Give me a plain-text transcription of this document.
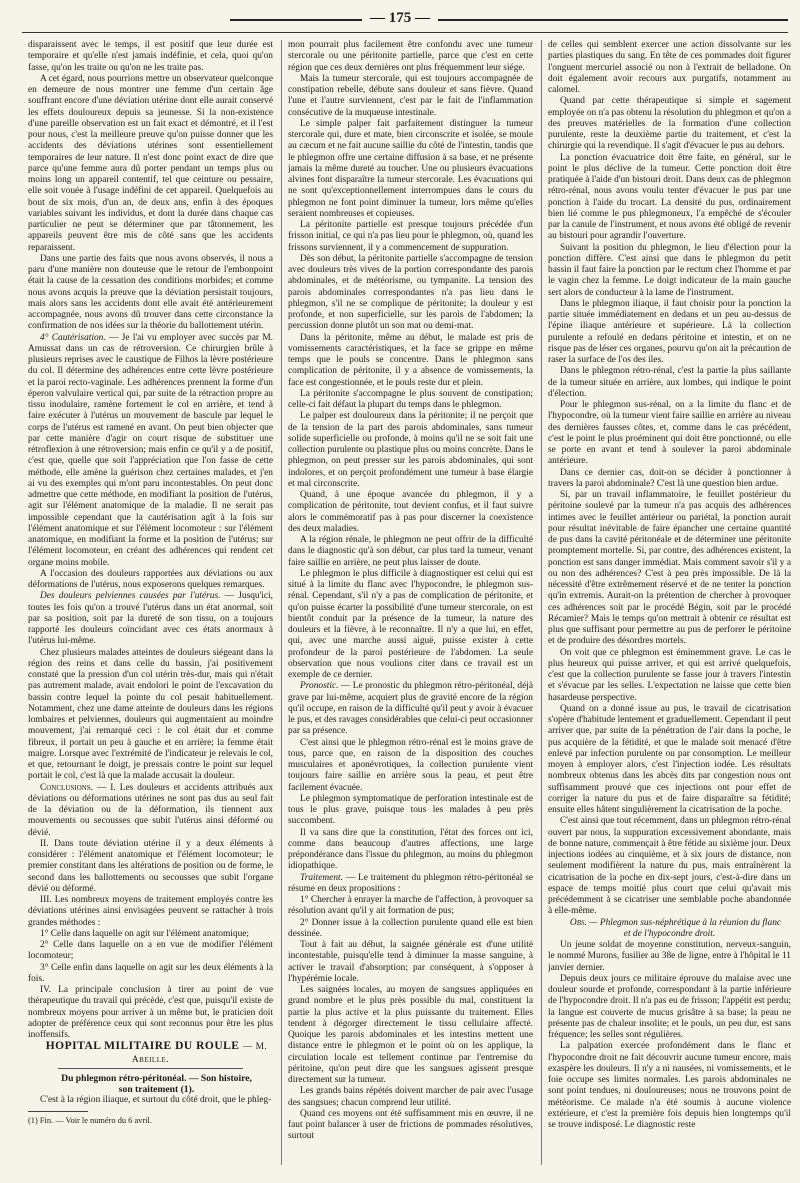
— 175 —

disparaissent avec le temps, il est positif que leur durée est temporaire et qu'elle n'est jamais indéfinie, et cela, quoi qu'on fasse, qu'on les traite ou qu'on ne les traite pas.

A cet égard, nous pourrions mettre un observateur quelconque en demeure de nous montrer une femme d'un certain âge souffrant encore d'une déviation utérine dont elle aurait conservé les effets douloureux depuis sa jeunesse. Si la non-existence d'une pareille observation est un fait exact et démontré, et il l'est pour nous, c'est la meilleure preuve qu'on puisse donner que les accidents des déviations utérines sont essentiellement temporaires de leur nature. Il n'est donc point exact de dire que parce qu'une femme aura dû porter pendant un temps plus ou moins long un appareil contentif, tel que ceinture ou pessaire, elle soit vouée à l'usage indéfini de cet appareil. Quelquefois au bout de six mois, d'un an, de deux ans, enfin à des époques variables suivant les individus, et dont la durée dans chaque cas particulier ne peut se déterminer que par tâtonnement, les appareils peuvent être mis de côté sans que les accidents reparaissent.

Dans une partie des faits que nous avons observés, il nous a paru d'une manière non douteuse que le retour de l'embonpoint était la cause de la cessation des conditions morbides; et comme nous avons acquis la preuve que la déviation persistait toujours, mais alors sans les accidents dont elle avait été antérieurement accompagnée, nous avons dû trouver dans cette circonstance la confirmation de nos idées sur la théorie du ballottement utérin.

4° Cautérisation. — Je l'ai vu employer avec succès par M. Amussat dans un cas de rétroversion. Ce chirurgien brûle à plusieurs reprises avec le caustique de Filhos la lèvre postérieure du col. Il détermine des adhérences entre cette lèvre postérieure et la paroi recto-vaginale. Les adhérences prennent la forme d'un éperon valvulaire vertical qui, par suite de la rétraction propre au tissu inodulaire, ramène fortement le col en arrière, et tend à faire exécuter à l'utérus un mouvement de bascule par lequel le corps de l'utérus est ramené en avant. On peut bien objecter que par cette manière d'agir on court risque de substituer une rétroflexion à une rétroversion; mais enfin ce qu'il y a de positif, c'est que, quelle que soit l'appréciation que l'on fasse de cette méthode, elle amène la guérison chez certaines malades, et j'en ai vu des exemples qui m'ont paru incontestables. On peut donc admettre que cette méthode, en modifiant la position de l'utérus, agit sur l'élément anatomique de la maladie. Il ne serait pas impossible cependant que la cautérisation agît à la fois sur l'élément anatomique et sur l'élément locomoteur : sur l'élément anatomique, en modifiant la forme et la position de l'utérus; sur l'élément locomoteur, en créant des adhérences qui rendent cet organe moins mobile.

A l'occasion des douleurs rapportées aux déviations ou aux déformations de l'utérus, nous exposerons quelques remarques.

Des douleurs pelviennes causées par l'utérus. — Jusqu'ici, toutes les fois qu'on a trouvé l'utérus dans un état anormal, soit par sa position, soit par la dureté de son tissu, on a toujours rapporté les douleurs coïncidant avec ces états anormaux à l'utérus lui-même.

Chez plusieurs malades atteintes de douleurs siégeant dans la région des reins et dans celle du bassin, j'ai positivement constaté que la pression d'un col utérin très-dur, mais qui n'était pas autrement malade, avait endolori le point de l'excavation du bassin contre lequel la pointe du col pesait habituellement. Notamment, chez une dame atteinte de douleurs dans les régions lombaires et pelviennes, douleurs qui augmentaient au moindre mouvement, j'ai remarqué ceci : le col était dur et comme fibreux, il portait un peu à gauche et en arrière; la femme était maigre. Lorsque avec l'extrémité de l'indicateur je relevais le col, et que, retournant le doigt, je pressais contre le point sur lequel portait le col, c'est là que la malade accusait la douleur.

Conclusions. — I. Les douleurs et accidents attribués aux déviations ou déformations utérines ne sont pas dus au seul fait de la déviation ou de la déformation, ils tiennent aux mouvements ou secousses que subit l'utérus ainsi déformé ou dévié.

II. Dans toute déviation utérine il y a deux éléments à considérer : l'élément anatomique et l'élément locomoteur; le premier constitant dans les altérations de position ou de forme, le second dans les ballottements ou secousses que subit l'organe dévié ou déformé.

III. Les nombreux moyens de traitement employés contre les déviations utérines ainsi envisagées peuvent se rattacher à trois grandes méthodes :

1° Celle dans laquelle on agit sur l'élément anatomique;

2° Celle dans laquelle on a en vue de modifier l'élément locomoteur;

3° Celle enfin dans laquelle on agit sur les deux éléments à la fois.

IV. La principale conclusion à tirer au point de vue thérapeutique du travail qui précède, c'est que, puisqu'il existe de nombreux moyens pour arriver à un même but, le praticien doit adopter de préférence ceux qui sont reconnus pour être les plus inoffensifs.

HOPITAL MILITAIRE DU ROULE — M. Abeille.

Du phlegmon rétro-péritonéal. — Son histoire,

son traitement (1).

C'est à la région iliaque, et surtout du côté droit, que le phleg-

(1) Fin. — Voir le numéro du 6 avril.

mon pourrait plus facilement être confondu avec une tumeur stercorale ou une péritonite partielle, parce que c'est en cette région que ces deux dernières ont plus fréquemment leur siége.

Mais la tumeur stercorale, qui est toujours accompagnée de constipation rebelle, débute sans douleur et sans fièvre. Quand l'une et l'autre surviennent, c'est par le fait de l'inflammation consécutive de la muqueuse intestinale.

Le simple palper fait parfaitement distinguer la tumeur stercorale qui, dure et mate, bien circonscrite et isolée, se moule au cæcum et ne fait aucune saillie du côté de l'intestin, tandis que le phlegmon offre une certaine diffusion à sa base, et ne présente jamais la même dureté au toucher. Une ou plusieurs évacuations alvines font disparaître la tumeur stercorale. Les évacuations qui ne sont qu'exceptionnellement interrompues dans le cours du phlegmon ne font point diminuer la tumeur, lors même qu'elles seraient nombreuses et copieuses.

La péritonite partielle est presque toujours précédée d'un frisson initial, ce qui n'a pas lieu pour le phlegmon, où, quand les frissons surviennent, il y a commencement de suppuration.

Dès son début, la péritonite partielle s'accompagne de tension avec douleurs très vives de la portion correspondante des parois abdominales, et de météorisme, ou tympanite. La tension des parois abdominales correspondantes n'a pas lieu dans le phlegmon, s'il ne se complique de péritonite; la douleur y est profonde, et non superficielle, sur les parois de l'abdomen; la percussion donne plutôt un son mat ou demi-mat.

Dans la péritonite, même au début, le malade est pris de vomissements caractéristiques, et la face se grippe en même temps que le pouls se concentre. Dans le phlegmon sans complication de péritonite, il y a absence de vomissements, la face est congestionnée, et le pouls reste dur et plein.

La péritonite s'accompagne le plus souvent de constipation; celle-ci fait défaut la plupart du temps dans le phlegmon.

Le palper est douloureux dans la péritonite; il ne perçoit que de la tension de la part des parois abdominales, sans tumeur solide superficielle ou profonde, à moins qu'il ne se soit fait une collection purulente ou plastique plus ou moins concrète. Dans le phlegmon, on peut presser sur les parois abdominales, qui sont indolores, et on perçoit profondément une tumeur à base élargie et mal circonscrite.

Quand, à une époque avancée du phlegmon, il y a complication de péritonite, tout devient confus, et il faut suivre alors le commémoratif pas à pas pour discerner la coexistence des deux maladies.

A la région rénale, le phlegmon ne peut offrir de la difficulté dans le diagnostic qu'à son début, car plus tard la tumeur, venant faire saillie en arrière, ne peut plus laisser de doute.

Le phlegmon le plus difficile à diagnostiquer est celui qui est situé à la limite du flanc avec l'hypocondre, le phlegmon sus-rénal. Cependant, s'il n'y a pas de complication de péritonite, et qu'on puisse écarter la possibilité d'une tumeur stercorale, on est bientôt conduit par la présence de la tumeur, la nature des douleurs et la fièvre, à le reconnaître. Il n'y a que lui, en effet, qui, avec une marche aussi aiguë, puisse exister à cette profondeur de la paroi postérieure de l'abdomen. La seule observation que nous voulions citer dans ce travail est un exemple de ce dernier.

Pronostic. — Le pronostic du phlegmon rétro-péritonéal, déjà grave par lui-même, acquiert plus de gravité encore de la région qu'il occupe, en raison de la difficulté qu'il peut y avoir à évacuer le pus, et des ravages considérables que celui-ci peut occasionner par sa présence.

C'est ainsi que le phlegmon rétro-rénal est le moins grave de tous, parce que, en raison de la disposition des couches musculaires et aponévrotiques, la collection purulente vient toujours faire saillie en arrière sous la peau, et peut être facilement évacuée.

Le phlegmon symptomatique de perforation intestinale est de tous le plus grave, puisque tous les malades à peu près succombent.

Il va sans dire que la constitution, l'état des forces ont ici, comme dans beaucoup d'autres affections, une large prépondérance dans l'issue du phlegmon, au moins du phlegmon idiopathique.

Traitement. — Le traitement du phlegmon rétro-péritonéal se résume en deux propositions :

1° Chercher à enrayer la marche de l'affection, à provoquer sa résolution avant qu'il y ait formation de pus;

2° Donner issue à la collection purulente quand elle est bien dessinée.

Tout à fait au début, la saignée générale est d'une utilité incontestable, puisqu'elle tend à diminuer la masse sanguine, à activer le travail d'absorption; par conséquent, à s'opposer à l'hypérémie locale.

Les saignées locales, au moyen de sangsues appliquées en grand nombre et le plus près possible du mal, constituent la partie la plus active et la plus puissante du traitement. Elles tendent à dégorger directement le tissu cellulaire affecté. Quoique les parois abdominales et les intestins mettent une distance entre le phlegmon et le point où on les applique, la circulation locale est tellement continue par l'entremise du péritoine, qu'on peut dire que les sangsues agissent presque directement sur la tumeur.

Les grands bains répétés doivent marcher de pair avec l'usage des sangsues; chacun comprend leur utilité.

Quand ces moyens ont été suffisamment mis en œuvre, il ne faut point balancer à user de frictions de pommades résolutives, surtout

de celles qui semblent exercer une action dissolvante sur les parties plastiques du sang. En tête de ces pommades doit figurer l'onguent mercuriel associé ou non à l'extrait de belladone. On doit également avoir recours aux purgatifs, notamment au calomel.

Quand par cette thérapeutique si simple et sagement employée on n'a pas obtenu la résolution du phlegmon et qu'on a des preuves matérielles de la formation d'une collection purulente, reste la deuxième partie du traitement, et c'est la chirurgie qui la revendique. Il s'agit d'évacuer le pus au dehors.

La ponction évacuatrice doit être faite, en général, sur le point le plus déclive de la tumeur. Cette ponction doit être pratiquée à l'aide d'un bistouri droit. Dans deux cas de phlegmon rétro-rénal, nous avons voulu tenter d'évacuer le pus par une ponction à l'aide du trocart. La densité du pus, ordinairement bien lié comme le pus phlegmoneux, l'a empêché de s'écouler par la canule de l'instrument, et nous avons été obligé de revenir au bistouri pour agrandir l'ouverture.

Suivant la position du phlegmon, le lieu d'élection pour la ponction diffère. C'est ainsi que dans le phlegmon du petit bassin il faut faire la ponction par le rectum chez l'homme et par le vagin chez la femme. Le doigt indicateur de la main gauche sert alors de conducteur à la lame de l'instrument.

Dans le phlegmon iliaque, il faut choisir pour la ponction la partie située immédiatement en dedans et un peu au-dessus de l'épine iliaque antérieure et supérieure. Là la collection purulente a refoulé en dedans péritoine et intestin, et on ne risque pas de léser ces organes, pourvu qu'on ait la précaution de raser la surface de l'os des iles.

Dans le phlegmon rétro-rénal, c'est la partie la plus saillante de la tumeur située en arrière, aux lombes, qui indique le point d'élection.

Pour le phlegmon sus-rénal, on a la limite du flanc et de l'hypocondre, où la tumeur vient faire saillie en arrière au niveau des dernières fausses côtes, et, comme dans le cas précédent, c'est le point le plus proéminent qui doit être ponctionné, ou elle se porte en avant et tend à soulever la paroi abdominale antérieure.

Dans ce dernier cas, doit-on se décider à ponctionner à travers la paroi abdominale? C'est là une question bien ardue.

Si, par un travail inflammatoire, le feuillet postérieur du péritoine soulevé par la tumeur n'a pas acquis des adhérences intimes avec le feuillet antérieur ou pariétal, la ponction aurait pour résultat inévitable de faire épancher une certaine quantité de pus dans la cavité péritonéale et de déterminer une péritonite promptement mortelle. Si, par contre, des adhérences existent, la ponction est sans danger immédiat. Mais comment savoir s'il y a ou non des adhérences? C'est à peu près impossible. De là la nécessité d'être extrêmement réservé et de ne tenter la ponction qu'in extremis. Aurait-on la prétention de chercher à provoquer ces adhérences soit par le procédé Bégin, soit par le procédé Récamier? Mais le temps qu'on mettrait à obtenir ce résultat est plus que suffisant pour permettre au pus de perforer le péritoine et de produire des désordres mortels.

On voit que ce phlegmon est éminemment grave. Le cas le plus heureux qui puisse arriver, et qui est arrivé quelquefois, c'est que la collection purulente se fasse jour à travers l'intestin et s'évacue par les selles. L'expectation ne laisse que cette bien hasardeuse perspective.

Quand on a donné issue au pus, le travail de cicatrisation s'opère d'habitude lentement et graduellement. Cependant il peut arriver que, par suite de la pénétration de l'air dans la poche, le pus acquière de la fétidité, et que le malade soit menacé d'être enlevé par infection purulente ou par consomption. Le meilleur moyen à employer alors, c'est l'injection iodée. Les résultats nombreux obtenus dans les abcès dits par congestion nous ont suffisamment prouvé que ces injections ont pour effet de corriger la nature du pus et de faire disparaître sa fétidité; ensuite elles hâtent singulièrement la cicatrisation de la poche.

C'est ainsi que tout récemment, dans un phlegmon rétro-rénal ouvert par nous, la suppuration excessivement abondante, mais de bonne nature, commençait à être fétide au sixième jour. Deux injections iodées au cinquième, et à six jours de distance, non seulement modifièrent la nature du pus, mais entraînèrent la cicatrisation de la poche en dix-sept jours, c'est-à-dire dans un espace de temps moitié plus court que celui qu'avait mis précédemment à se cicatriser une semblable poche abandonnée à elle-même.

Obs. — Phlegmon sus-néphrétique à la réunion du flanc
et de l'hypocondre droit.

Un jeune soldat de moyenne constitution, nerveux-sanguin, le nommé Murons, fusilier au 38e de ligne, entre à l'hôpital le 11 janvier dernier.

Depuis deux jours ce militaire éprouve du malaise avec une douleur sourde et profonde, correspondant à la partie inférieure de l'hypocondre droit. Il n'a pas eu de frisson; l'appétit est perdu; la langue est couverte de mucus grisâtre à sa base; la peau ne présente pas de chaleur insolite; et le pouls, un peu dur, est sans fréquence; les selles sont régulières.

La palpation exercée profondément dans le flanc et l'hypocondre droit ne fait découvrir aucune tumeur encore, mais exaspère les douleurs. Il n'y a ni nausées, ni vomissements, et le foie occupe ses limites normales. Les parois abdominales ne sont point tendues, ni douloureuses; nous ne trouvons point de météorisme. Ce malade n'a été soumis à aucune violence extérieure, et c'est la première fois depuis bien longtemps qu'il se trouve indisposé. Le diagnostic reste
